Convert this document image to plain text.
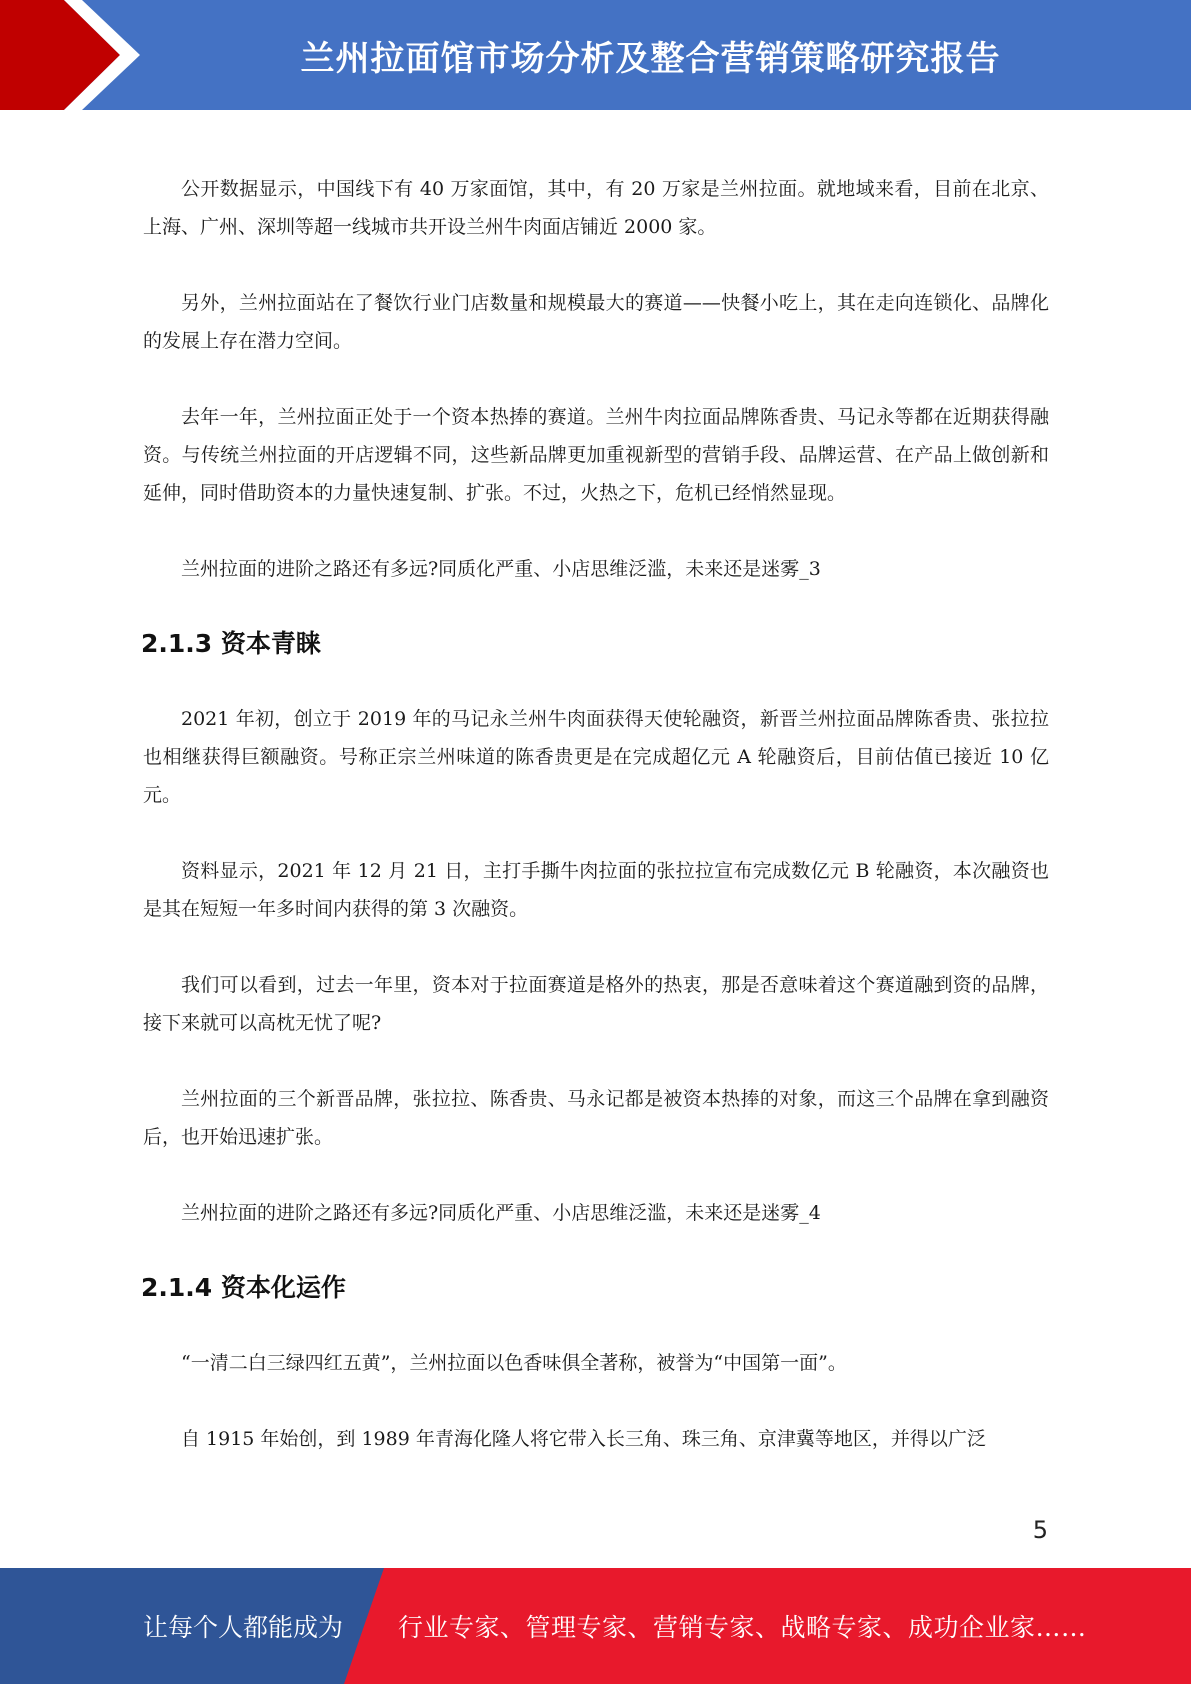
兰州拉面馆市场分析及整合营销策略研究报告

公开数据显示，中国线下有 40 万家面馆，其中，有 20 万家是兰州拉面。就地域来看，目前在北京、上海、广州、深圳等超一线城市共开设兰州牛肉面店铺近 2000 家。

另外，兰州拉面站在了餐饮行业门店数量和规模最大的赛道——快餐小吃上，其在走向连锁化、品牌化的发展上存在潜力空间。

去年一年，兰州拉面正处于一个资本热捧的赛道。兰州牛肉拉面品牌陈香贵、马记永等都在近期获得融资。与传统兰州拉面的开店逻辑不同，这些新品牌更加重视新型的营销手段、品牌运营、在产品上做创新和延伸，同时借助资本的力量快速复制、扩张。不过，火热之下，危机已经悄然显现。

兰州拉面的进阶之路还有多远?同质化严重、小店思维泛滥，未来还是迷雾_3

2.1.3 资本青睐

2021 年初，创立于 2019 年的马记永兰州牛肉面获得天使轮融资，新晋兰州拉面品牌陈香贵、张拉拉也相继获得巨额融资。号称正宗兰州味道的陈香贵更是在完成超亿元 A 轮融资后，目前估值已接近 10 亿元。

资料显示，2021 年 12 月 21 日，主打手撕牛肉拉面的张拉拉宣布完成数亿元 B 轮融资，本次融资也是其在短短一年多时间内获得的第 3 次融资。

我们可以看到，过去一年里，资本对于拉面赛道是格外的热衷，那是否意味着这个赛道融到资的品牌，接下来就可以高枕无忧了呢?

兰州拉面的三个新晋品牌，张拉拉、陈香贵、马永记都是被资本热捧的对象，而这三个品牌在拿到融资后，也开始迅速扩张。

兰州拉面的进阶之路还有多远?同质化严重、小店思维泛滥，未来还是迷雾_4

2.1.4 资本化运作

“一清二白三绿四红五黄”，兰州拉面以色香味俱全著称，被誉为“中国第一面”。

自 1915 年始创，到 1989 年青海化隆人将它带入长三角、珠三角、京津冀等地区，并得以广泛

5
让每个人都能成为 行业专家、管理专家、营销专家、战略专家、成功企业家……
